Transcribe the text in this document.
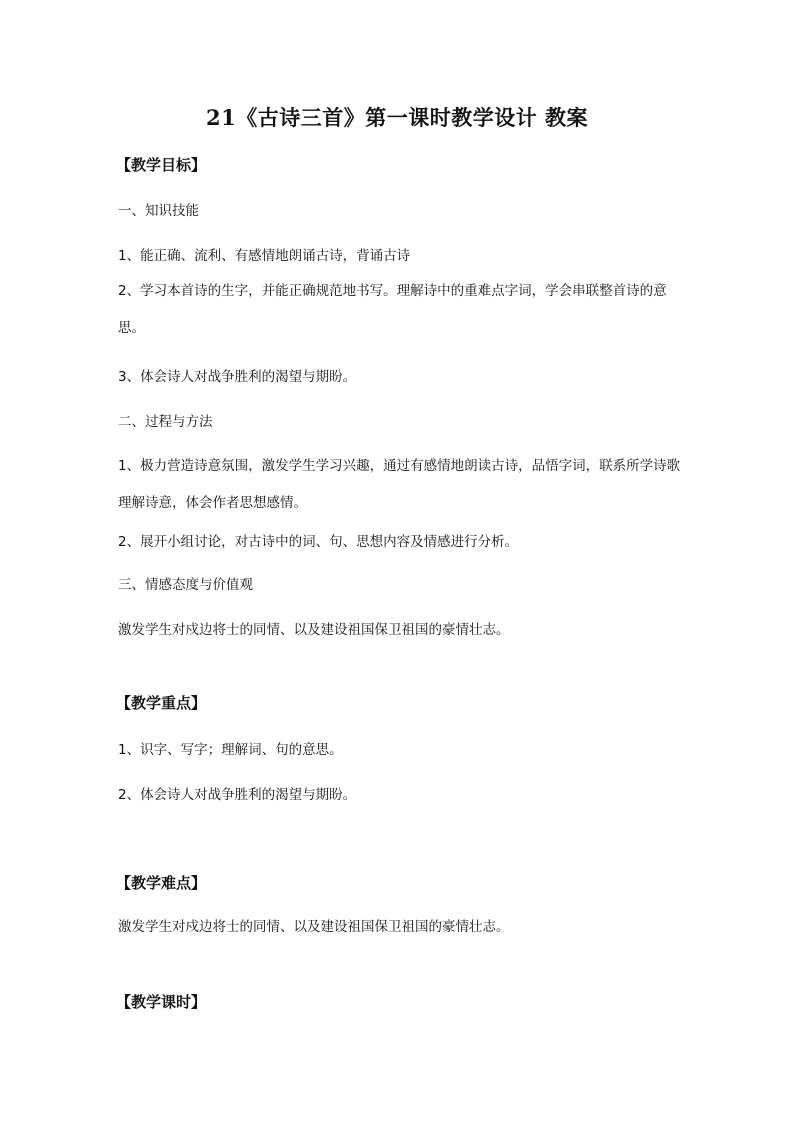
21《古诗三首》第一课时教学设计 教案
【教学目标】
一、知识技能
1、能正确、流利、有感情地朗诵古诗，背诵古诗
2、学习本首诗的生字，并能正确规范地书写。理解诗中的重难点字词，学会串联整首诗的意思。
3、体会诗人对战争胜利的渴望与期盼。
二、过程与方法
1、极力营造诗意氛围，激发学生学习兴趣，通过有感情地朗读古诗，品悟字词，联系所学诗歌理解诗意，体会作者思想感情。
2、展开小组讨论，对古诗中的词、句、思想内容及情感进行分析。
三、情感态度与价值观
激发学生对戍边将士的同情、以及建设祖国保卫祖国的豪情壮志。
【教学重点】
1、识字、写字；理解词、句的意思。
2、体会诗人对战争胜利的渴望与期盼。
【教学难点】
激发学生对戍边将士的同情、以及建设祖国保卫祖国的豪情壮志。
【教学课时】
